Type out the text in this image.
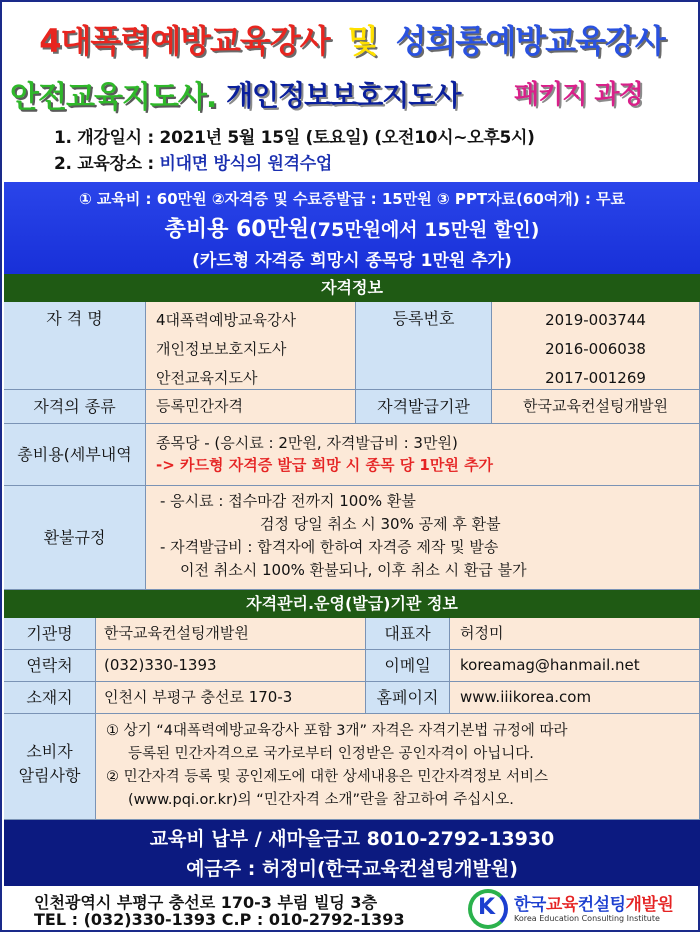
4대폭력예방교육강사 및 성희롱예방교육강사
안전교육지도사. 개인정보보호지도사 패키지 과정
1. 개강일시 : 2021년 5월 15일 (토요일) (오전10시~오후5시)
2. 교육장소 : 비대면 방식의 원격수업
① 교육비 : 60만원 ②자격증 및 수료증발급 : 15만원 ③ PPT자료(60여개) : 무료
총비용 60만원(75만원에서 15만원 할인)
(카드형 자격증 희망시 종목당 1만원 추가)
자격정보
자 격 명	4대폭력예방교육강사
개인정보보호지도사
안전교육지도사
등록번호	2019-003744
2016-006038
2017-001269
자격의 종류	등록민간자격	자격발급기관	한국교육컨설팅개발원
총비용(세부내역
종목당 - (응시료 : 2만원, 자격발급비 : 3만원)
-> 카드형 자격증 발급 희망 시 종목 당 1만원 추가
환불규정
- 응시료 : 접수마감 전까지 100% 환불
검정 당일 취소 시 30% 공제 후 환불
- 자격발급비 : 합격자에 한하여 자격증 제작 및 발송
이전 취소시 100% 환불되나, 이후 취소 시 환급 불가
자격관리.운영(발급)기관 정보
기관명	한국교육컨설팅개발원	대표자	허정미
연락처	(032)330-1393	이메일	koreamag@hanmail.net
소재지	인천시 부평구 충선로 170-3	홈페이지	www.iiikorea.com
소비자
알림사항
① 상기 “4대폭력예방교육강사 포함 3개” 자격은 자격기본법 규정에 따라
등록된 민간자격으로 국가로부터 인정받은 공인자격이 아닙니다.
② 민간자격 등록 및 공인제도에 대한 상세내용은 민간자격정보 서비스
(www.pqi.or.kr)의 “민간자격 소개”란을 참고하여 주십시오.
교육비 납부 / 새마을금고 8010-2792-13930
예금주 : 허정미(한국교육컨설팅개발원)
인천광역시 부평구 충선로 170-3 부림 빌딩 3층
TEL : (032)330-1393 C.P : 010-2792-1393	K 한국교육컨설팅개발원
Korea Education Consulting Institute
